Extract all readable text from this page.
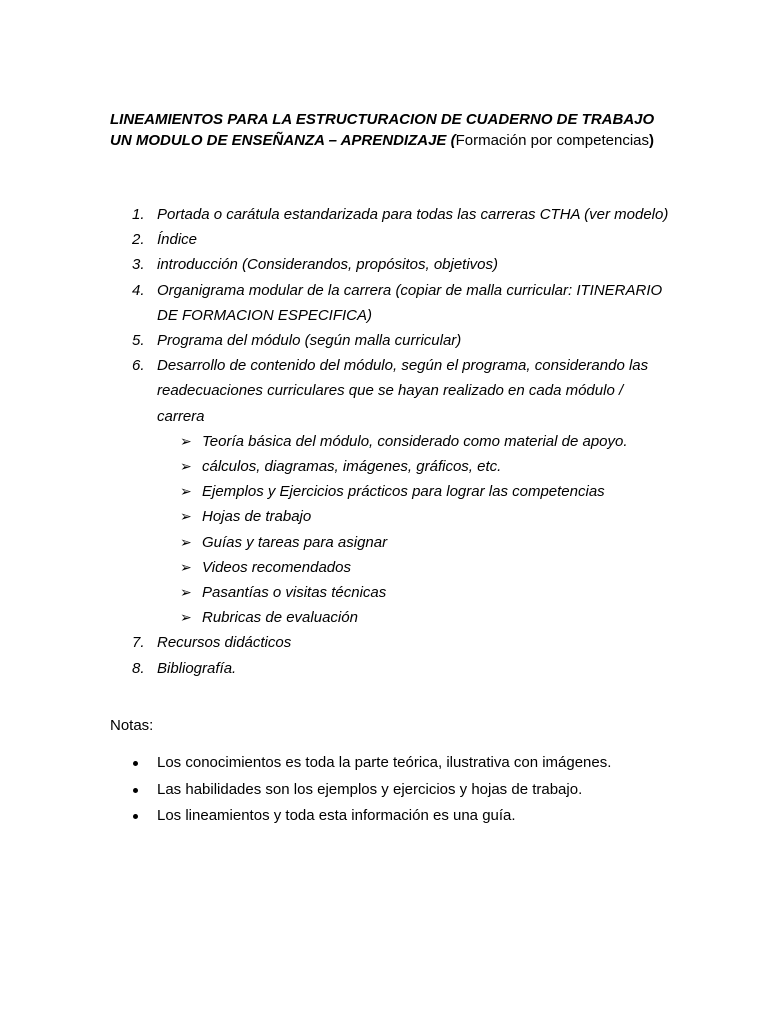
LINEAMIENTOS PARA LA ESTRUCTURACION DE CUADERNO DE TRABAJO UN MODULO DE ENSEÑANZA – APRENDIZAJE (Formación por competencias)

1. Portada o carátula estandarizada para todas las carreras CTHA (ver modelo)
2. Índice
3. introducción (Considerandos, propósitos, objetivos)
4. Organigrama modular de la carrera (copiar de malla curricular: ITINERARIO DE FORMACION ESPECIFICA)
5. Programa del módulo (según malla curricular)
6. Desarrollo de contenido del módulo, según el programa, considerando las readecuaciones curriculares que se hayan realizado en cada módulo / carrera
➢ Teoría básica del módulo, considerado como material de apoyo.
➢ cálculos, diagramas, imágenes, gráficos, etc.
➢ Ejemplos y Ejercicios prácticos para lograr las competencias
➢ Hojas de trabajo
➢ Guías y tareas para asignar
➢ Videos recomendados
➢ Pasantías o visitas técnicas
➢ Rubricas de evaluación
7. Recursos didácticos
8. Bibliografía.

Notas:

Los conocimientos es toda la parte teórica, ilustrativa con imágenes.
Las habilidades son los ejemplos y ejercicios y hojas de trabajo.
Los lineamientos y toda esta información es una guía.
